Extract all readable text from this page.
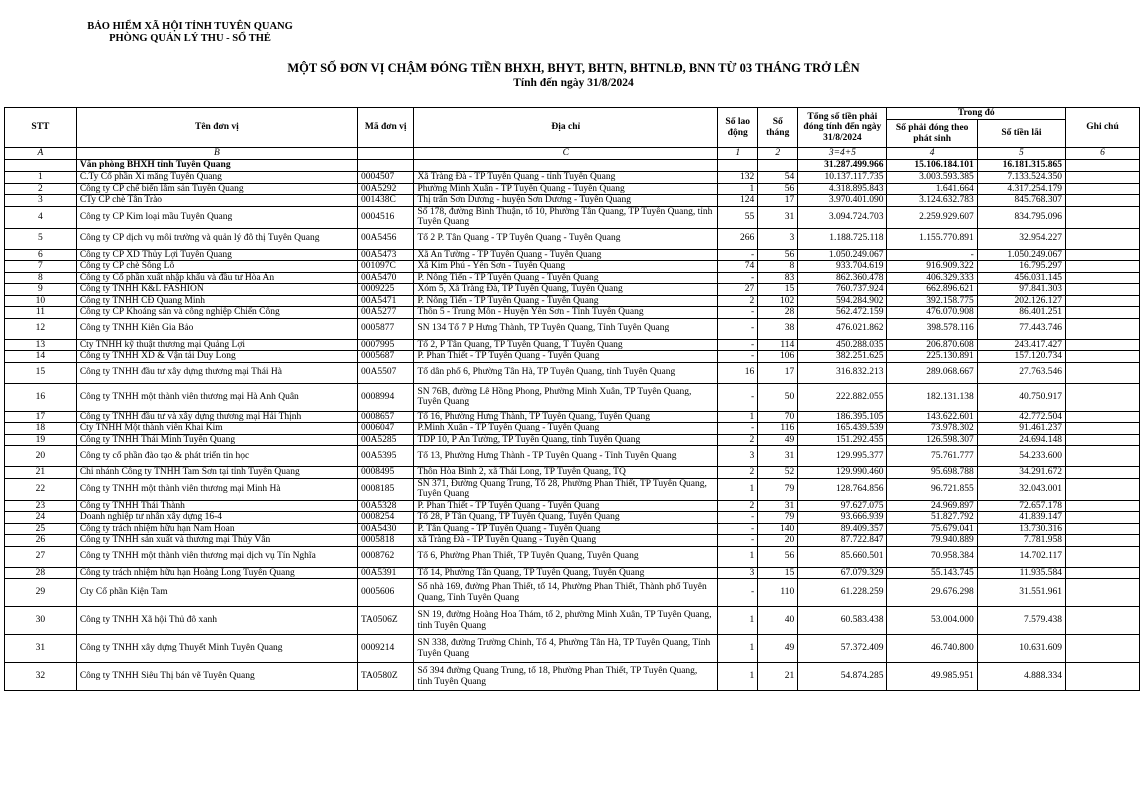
BẢO HIỂM XÃ HỘI TỈNH TUYÊN QUANG
PHÒNG QUẢN LÝ THU - SỔ THẺ
MỘT SỐ ĐƠN VỊ CHẬM ĐÓNG TIỀN BHXH, BHYT, BHTN, BHTNLĐ, BNN TỪ 03 THÁNG TRỞ LÊN
Tính đến ngày 31/8/2024
STT	Tên đơn vị	Mã đơn vị	Địa chỉ	Số lao động	Số tháng	Tổng số tiền phải đóng tính đến ngày 31/8/2024	Trong đó		Ghi chú
							Số phải đóng theo phát sinh	Số tiền lãi	
A	B		C	1	2	3=4+5	4	5	6
	Văn phòng BHXH tỉnh Tuyên Quang					31.287.499.966	15.106.184.101	16.181.315.865	
1	C.Ty Cổ phần Xi măng Tuyên Quang	0004507	Xã Tràng Đà - TP Tuyên Quang - tỉnh Tuyên Quang	132	54	10.137.117.735	3.003.593.385	7.133.524.350	
2	Công ty CP chế biến lâm sản Tuyên Quang	00A5292	Phường Minh Xuân - TP Tuyên Quang - Tuyên Quang	1	56	4.318.895.843	1.641.664	4.317.254.179	
3	CTy CP chè Tân Trào	001438C	Thị trấn Sơn Dương - huyện Sơn Dương - Tuyên Quang	124	17	3.970.401.090	3.124.632.783	845.768.307	
4	Công ty CP Kim loại mầu Tuyên Quang	0004516	Số 178, đường Bình Thuận, tổ 10, Phường Tân Quang, TP Tuyên Quang, tỉnh Tuyên Quang	55	31	3.094.724.703	2.259.929.607	834.795.096	
5	Công ty CP dịch vụ môi trường và quản lý đô thị Tuyên Quang	00A5456	Tổ 2 P. Tân Quang - TP Tuyên Quang - Tuyên Quang	266	3	1.188.725.118	1.155.770.891	32.954.227	
6	Công ty CP XD Thủy Lợi Tuyên Quang	00A5473	Xã An Tường - TP Tuyên Quang - Tuyên Quang	-	56	1.050.249.067	-	1.050.249.067	
7	Công ty CP chè Sông Lô	001097C	Xã Kim Phú - Yên Sơn - Tuyên Quang	74	8	933.704.619	916.909.322	16.795.297	
8	Công ty Cổ phần xuất nhập khẩu và đầu tư Hòa An	00A5470	P. Nông Tiến - TP Tuyên Quang - Tuyên Quang	-	83	862.360.478	406.329.333	456.031.145	
9	Công ty TNHH K&L FASHION	0009225	Xóm 5, Xã Tràng Đà, TP Tuyên Quang, Tuyên Quang	27	15	760.737.924	662.896.621	97.841.303	
10	Công ty TNHH CĐ Quang Minh	00A5471	P. Nông Tiến - TP Tuyên Quang - Tuyên Quang	2	102	594.284.902	392.158.775	202.126.127	
11	Công ty CP Khoáng sản và công nghiệp Chiến Công	00A5277	Thôn 5 - Trung Môn - Huyện Yên Sơn - Tỉnh Tuyên Quang	-	28	562.472.159	476.070.908	86.401.251	
12	Công ty TNHH Kiên Gia Bảo	0005877	SN 134 Tổ 7 P Hưng Thành, TP Tuyên Quang, Tỉnh Tuyên Quang	-	38	476.021.862	398.578.116	77.443.746	
13	Cty TNHH kỹ thuật thương mại Quảng Lợi	0007995	Tổ 2, P Tân Quang, TP Tuyên Quang, T Tuyên Quang	-	114	450.288.035	206.870.608	243.417.427	
14	Công ty TNHH XD & Vận tải Duy Long	0005687	P. Phan Thiết - TP Tuyên Quang - Tuyên Quang	-	106	382.251.625	225.130.891	157.120.734	
15	Công ty TNHH đầu tư xây dựng thương mại Thái Hà	00A5507	Tổ dân phố 6, Phường Tân Hà, TP Tuyên Quang, tỉnh Tuyên Quang	16	17	316.832.213	289.068.667	27.763.546	
16	Công ty TNHH một thành viên thương mại Hà Anh Quân	0008994	SN 76B, đường Lê Hồng Phong, Phường Minh Xuân, TP Tuyên Quang, Tuyên Quang	-	50	222.882.055	182.131.138	40.750.917	
17	Công ty TNHH đầu tư và xây dựng thương mại Hải Thịnh	0008657	Tổ 16, Phường Hưng Thành, TP Tuyên Quang, Tuyên Quang	1	70	186.395.105	143.622.601	42.772.504	
18	Cty TNHH Một thành viên Khai Kim	0006047	P.Minh Xuân - TP Tuyên Quang - Tuyên Quang	-	116	165.439.539	73.978.302	91.461.237	
19	Công ty TNHH Thái Minh Tuyên Quang	00A5285	TDP 10, P An Tường, TP Tuyên Quang, tỉnh Tuyên Quang	2	49	151.292.455	126.598.307	24.694.148	
20	Công ty cổ phần đào tạo & phát triển tin học	00A5395	Tổ 13, Phường Hưng Thành - TP Tuyên Quang - Tỉnh Tuyên Quang	3	31	129.995.377	75.761.777	54.233.600	
21	Chi nhánh Công ty TNHH Tam Sơn tại tỉnh Tuyên Quang	0008495	Thôn Hòa Bình 2, xã Thái Long, TP Tuyên Quang, TQ	2	52	129.990.460	95.698.788	34.291.672	
22	Công ty TNHH một thành viên thương mại Minh Hà	0008185	SN 371, Đường Quang Trung, Tổ 28, Phường Phan Thiết, TP Tuyên Quang, Tuyên Quang	1	79	128.764.856	96.721.855	32.043.001	
23	Công ty TNHH Thái Thành	00A5328	P. Phan Thiết - TP Tuyên Quang - Tuyên Quang	2	31	97.627.075	24.969.897	72.657.178	
24	Doanh nghiệp tư nhân xây dựng 16-4	0008254	Tổ 28, P Tân Quang, TP Tuyên Quang, Tuyên Quang	-	79	93.666.939	51.827.792	41.839.147	
25	Công ty trách nhiệm hữu hạn Nam Hoan	00A5430	P. Tân Quang - TP Tuyên Quang - Tuyên Quang	-	140	89.409.357	75.679.041	13.730.316	
26	Công ty TNHH sản xuất và thương mại Thủy Vân	0005818	xã Tràng Đà - TP Tuyên Quang - Tuyên Quang	-	20	87.722.847	79.940.889	7.781.958	
27	Công ty TNHH một thành viên thương mại dịch vụ Tín Nghĩa	0008762	Tổ 6, Phường Phan Thiết, TP Tuyên Quang, Tuyên Quang	1	56	85.660.501	70.958.384	14.702.117	
28	Công ty trách nhiệm hữu hạn Hoàng Long Tuyên Quang	00A5391	Tổ 14, Phường Tân Quang, TP Tuyên Quang, Tuyên Quang	3	15	67.079.329	55.143.745	11.935.584	
29	Cty Cổ phần Kiện Tam	0005606	Số nhà 169, đường Phan Thiết, tổ 14, Phường Phan Thiết, Thành phố Tuyên Quang, Tỉnh Tuyên Quang	-	110	61.228.259	29.676.298	31.551.961	
30	Công ty TNHH Xã hội Thủ đô xanh	TA0506Z	SN 19, đường Hoàng Hoa Thám, tổ 2, phường Minh Xuân, TP Tuyên Quang, tỉnh Tuyên Quang	1	40	60.583.438	53.004.000	7.579.438	
31	Công ty TNHH xây dựng Thuyết Minh Tuyên Quang	0009214	SN 338, đường Trường Chinh, Tổ 4, Phường Tân Hà, TP Tuyên Quang, Tỉnh Tuyên Quang	1	49	57.372.409	46.740.800	10.631.609	
32	Công ty TNHH Siêu Thị bán vẽ Tuyên Quang	TA0580Z	Số 394 đường Quang Trung, tổ 18, Phường Phan Thiết, TP Tuyên Quang, tỉnh Tuyên Quang	1	21	54.874.285	49.985.951	4.888.334	
